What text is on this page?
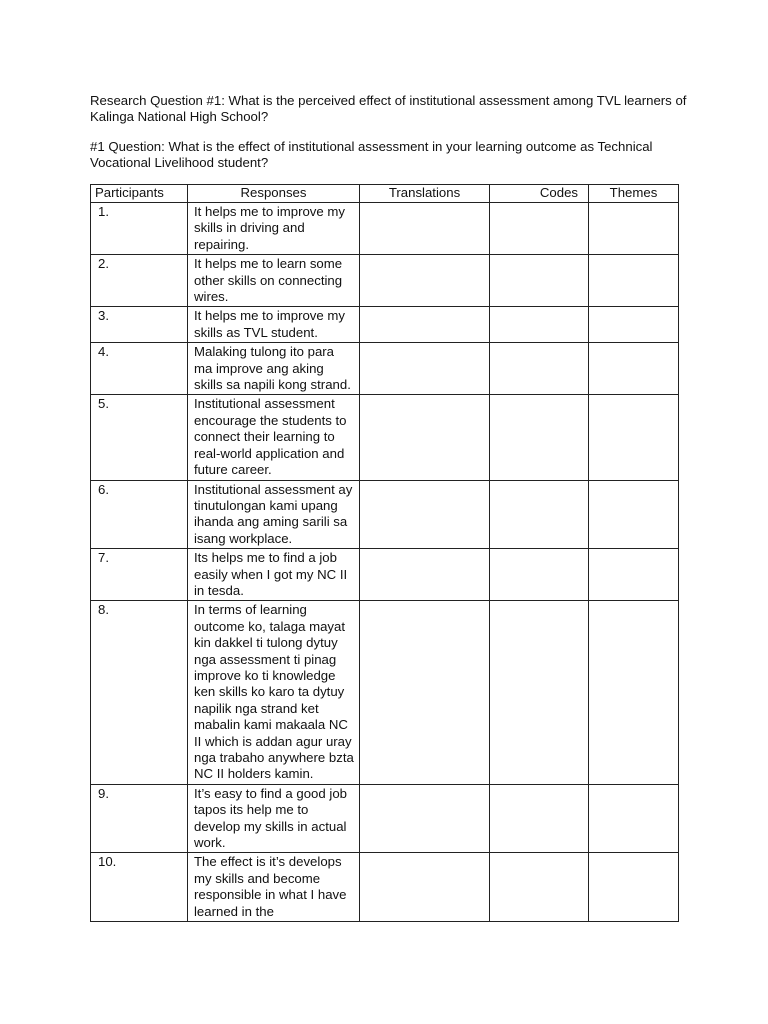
Research Question #1: What is the perceived effect of institutional assessment among TVL learners of Kalinga National High School?

#1 Question: What is the effect of institutional assessment in your learning outcome as Technical Vocational Livelihood student?

Participants	Responses	Translations	Codes	Themes
1.	It helps me to improve my skills in driving and repairing.			
2.	It helps me to learn some other skills on connecting wires.			
3.	It helps me to improve my skills as TVL student.			
4.	Malaking tulong ito para ma improve ang aking skills sa napili kong strand.			
5.	Institutional assessment encourage the students to connect their learning to real-world application and future career.			
6.	Institutional assessment ay tinutulongan kami upang ihanda ang aming sarili sa isang workplace.			
7.	Its helps me to find a job easily when I got my NC II in tesda.			
8.	In terms of learning outcome ko, talaga mayat kin dakkel ti tulong dytuy nga assessment ti pinag improve ko ti knowledge ken skills ko karo ta dytuy napilik nga strand ket mabalin kami makaala NC II which is addan agur uray nga trabaho anywhere bzta NC II holders kamin.			
9.	It’s easy to find a good job tapos its help me to develop my skills in actual work.			
10.	The effect is it’s develops my skills and become responsible in what I have learned in the			
